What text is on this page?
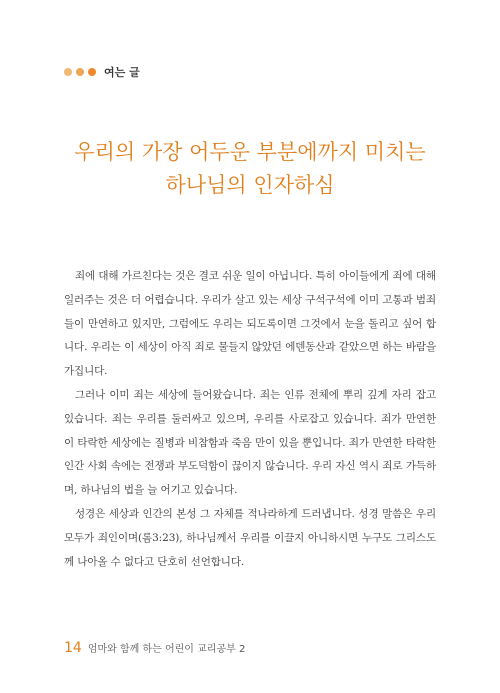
여는 글
우리의 가장 어두운 부분에까지 미치는
하나님의 인자하심

죄에 대해 가르친다는 것은 결코 쉬운 일이 아닙니다. 특히 아이들에게 죄에 대해 일러주는 것은 더 어렵습니다. 우리가 살고 있는 세상 구석구석에 이미 고통과 범죄들이 만연하고 있지만, 그럼에도 우리는 되도록이면 그것에서 눈을 돌리고 싶어 합니다. 우리는 이 세상이 아직 죄로 물들지 않았던 에덴동산과 같았으면 하는 바람을 가집니다.

그러나 이미 죄는 세상에 들어왔습니다. 죄는 인류 전체에 뿌리 깊게 자리 잡고 있습니다. 죄는 우리를 둘러싸고 있으며, 우리를 사로잡고 있습니다. 죄가 만연한 이 타락한 세상에는 질병과 비참함과 죽음 만이 있을 뿐입니다. 죄가 만연한 타락한 인간 사회 속에는 전쟁과 부도덕함이 끊이지 않습니다. 우리 자신 역시 죄로 가득하며, 하나님의 법을 늘 어기고 있습니다.

성경은 세상과 인간의 본성 그 자체를 적나라하게 드러냅니다. 성경 말씀은 우리 모두가 죄인이며(롬3:23), 하나님께서 우리를 이끌지 아니하시면 누구도 그리스도께 나아올 수 없다고 단호히 선언합니다.

14 엄마와 함께 하는 어린이 교리공부 2
